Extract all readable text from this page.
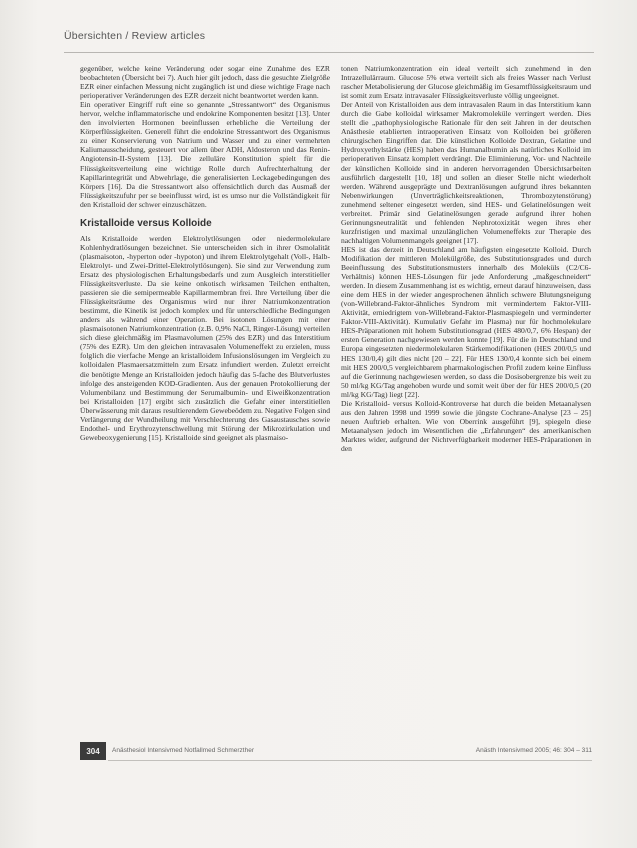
Übersichten / Review articles

gegenüber, welche keine Veränderung oder sogar eine Zunahme des EZR beobachteten (Übersicht bei 7). Auch hier gilt jedoch, dass die gesuchte Zielgröße EZR einer einfachen Messung nicht zugänglich ist und diese wichtige Frage nach perioperativer Veränderungen des EZR derzeit nicht beantwortet werden kann.

Ein operativer Eingriff ruft eine so genannte „Stressantwort“ des Organismus hervor, welche inflammatorische und endokrine Komponenten besitzt [13]. Unter den involvierten Hormonen beeinflussen erhebliche die Verteilung der Körperflüssigkeiten. Generell führt die endokrine Stressantwort des Organismus zu einer Konservierung von Natrium und Wasser und zu einer vermehrten Kaliumausscheidung, gesteuert vor allem über ADH, Aldosteron und das Renin-Angiotensin-II-System [13]. Die zelluläre Konstitution spielt für die Flüssigkeitsverteilung eine wichtige Rolle durch Aufrechterhaltung der Kapillarintegrität und Abwehrlage, die generalisierten Leckagebedingungen des Körpers [16]. Da die Stressantwort also offensichtlich durch das Ausmaß der Flüssigkeitszufuhr per se beeinflusst wird, ist es umso nur die Vollständigkeit für den Kristalloid der schwer einzuschätzen.

Kristalloide versus Kolloide

Als Kristalloide werden Elektrolytlösungen oder niedermolekulare Kohlenhydratlösungen bezeichnet. Sie unterscheiden sich in ihrer Osmolalität (plasmaisoton, -hyperton oder -hypoton) und ihrem Elektrolytgehalt (Voll-, Halb-Elektrolyt- und Zwei-Drittel-Elektrolytlösungen). Sie sind zur Verwendung zum Ersatz des physiologischen Erhaltungsbedarfs und zum Ausgleich interstitieller Flüssigkeitsverluste. Da sie keine onkotisch wirksamen Teilchen enthalten, passieren sie die semipermeable Kapillarmembran frei. Ihre Verteilung über die Flüssigkeitsräume des Organismus wird nur ihrer Natriumkonzentration bestimmt, die Kinetik ist jedoch komplex und für unterschiedliche Bedingungen anders als während einer Operation. Bei isotonen Lösungen mit einer plasmaisotonen Natriumkonzentration (z.B. 0,9% NaCl, Ringer-Lösung) verteilen sich diese gleichmäßig im Plasmavolumen (25% des EZR) und das Interstitium (75% des EZR). Um den gleichen intravasalen Volumeneffekt zu erzielen, muss folglich die vierfache Menge an kristalloidem Infusionslösungen im Vergleich zu kolloidalen Plasmaersatzmitteln zum Ersatz infundiert werden. Zuletzt erreicht die benötigte Menge an Kristalloiden jedoch häufig das 5-fache des Blutverlustes infolge des ansteigenden KOD-Gradienten. Aus der genauen Protokollierung der Volumenbilanz und Bestimmung der Serumalbumin- und Eiweißkonzentration bei Kristalloiden [17] ergibt sich zusätzlich die Gefahr einer interstitiellen Überwässerung mit daraus resultierendem Gewebeödem zu. Negative Folgen sind Verlängerung der Wundheilung mit Verschlechterung des Gasaustausches sowie Endothel- und Erythrozytenschwellung mit Störung der Mikrozirkulation und Gewebeoxygenierung [15]. Kristalloide sind geeignet als plasmaiso-

tonen Natriumkonzentration ein ideal verteilt sich zunehmend in den Intrazellulärraum. Glucose 5% etwa verteilt sich als freies Wasser nach Verlust rascher Metabolisierung der Glucose gleichmäßig im Gesamtflüssigkeitsraum und ist somit zum Ersatz intravasaler Flüssigkeitsverluste völlig ungeeignet.

Der Anteil von Kristalloiden aus dem intravasalen Raum in das Interstitium kann durch die Gabe kolloidal wirksamer Makromoleküle verringert werden. Dies stellt die „pathophysiologische Rationale für den seit Jahren in der deutschen Anästhesie etablierten intraoperativen Einsatz von Kolloiden bei größeren chirurgischen Eingriffen dar. Die künstlichen Kolloide Dextran, Gelatine und Hydroxyethylstärke (HES) haben das Humanalbumin als natürliches Kolloid im perioperativen Einsatz komplett verdrängt. Die Eliminierung, Vor- und Nachteile der künstlichen Kolloide sind in anderen hervorragenden Übersichtsarbeiten ausführlich dargestellt [10, 18] und sollen an dieser Stelle nicht wiederholt werden. Während ausgeprägte und Dextranlösungen aufgrund ihres bekannten Nebenwirkungen (Unverträglichkeitsreaktionen, Thrombozytenstörung) zunehmend seltener eingesetzt werden, sind HES- und Gelatinelösungen weit verbreitet. Primär sind Gelatinelösungen gerade aufgrund ihrer hohen Gerinnungsneutralität und fehlenden Nephrotoxizität wegen ihres eher kurzfristigen und maximal unzulänglichen Volumeneffekts zur Therapie des nachhaltigen Volumenmangels geeignet [17].

HES ist das derzeit in Deutschland am häufigsten eingesetzte Kolloid. Durch Modifikation der mittleren Molekülgröße, des Substitutionsgrades und durch Beeinflussung des Substitutionsmusters innerhalb des Moleküls (C2/C6-Verhältnis) können HES-Lösungen für jede Anforderung „maßgeschneidert“ werden. In diesem Zusammenhang ist es wichtig, erneut darauf hinzuweisen, dass eine dem HES in der wieder angesprochenen ähnlich schwere Blutungsneigung (von-Willebrand-Faktor-ähnliches Syndrom mit vermindertem Faktor-VIII-Aktivität, erniedrigtem von-Willebrand-Faktor-Plasmaspiegeln und verminderter Faktor-VIII-Aktivität). Kumulativ Gefahr im Plasma) nur für hochmolekulare HES-Präparationen mit hohem Substitutionsgrad (HES 480/0,7, 6% Hespan) der ersten Generation nachgewiesen werden konnte [19]. Für die in Deutschland und Europa eingesetzten niedermolekularen Stärkemodifikationen (HES 200/0,5 und HES 130/0,4) gilt dies nicht [20 – 22]. Für HES 130/0,4 konnte sich bei einem mit HES 200/0,5 vergleichbarem pharmakologischen Profil zudem keine Einfluss auf die Gerinnung nachgewiesen werden, so dass die Dosisobergrenze bis weit zu 50 ml/kg KG/Tag angehoben wurde und somit weit über der für HES 200/0,5 (20 ml/kg KG/Tag) liegt [22].

Die Kristalloid- versus Kolloid-Kontroverse hat durch die beiden Metaanalysen aus den Jahren 1998 und 1999 sowie die jüngste Cochrane-Analyse [23 – 25] neuen Auftrieb erhalten. Wie von Oberrink ausgeführt [9], spiegeln diese Metaanalysen jedoch im Wesentlichen die „Erfahrungen“ des amerikanischen Marktes wider, aufgrund der Nichtverfügbarkeit moderner HES-Präparationen in den

304	Anästhesiol Intensivmed Notfallmed Schmerzther	Anästh Intensivmed 2005; 46: 304 – 311
